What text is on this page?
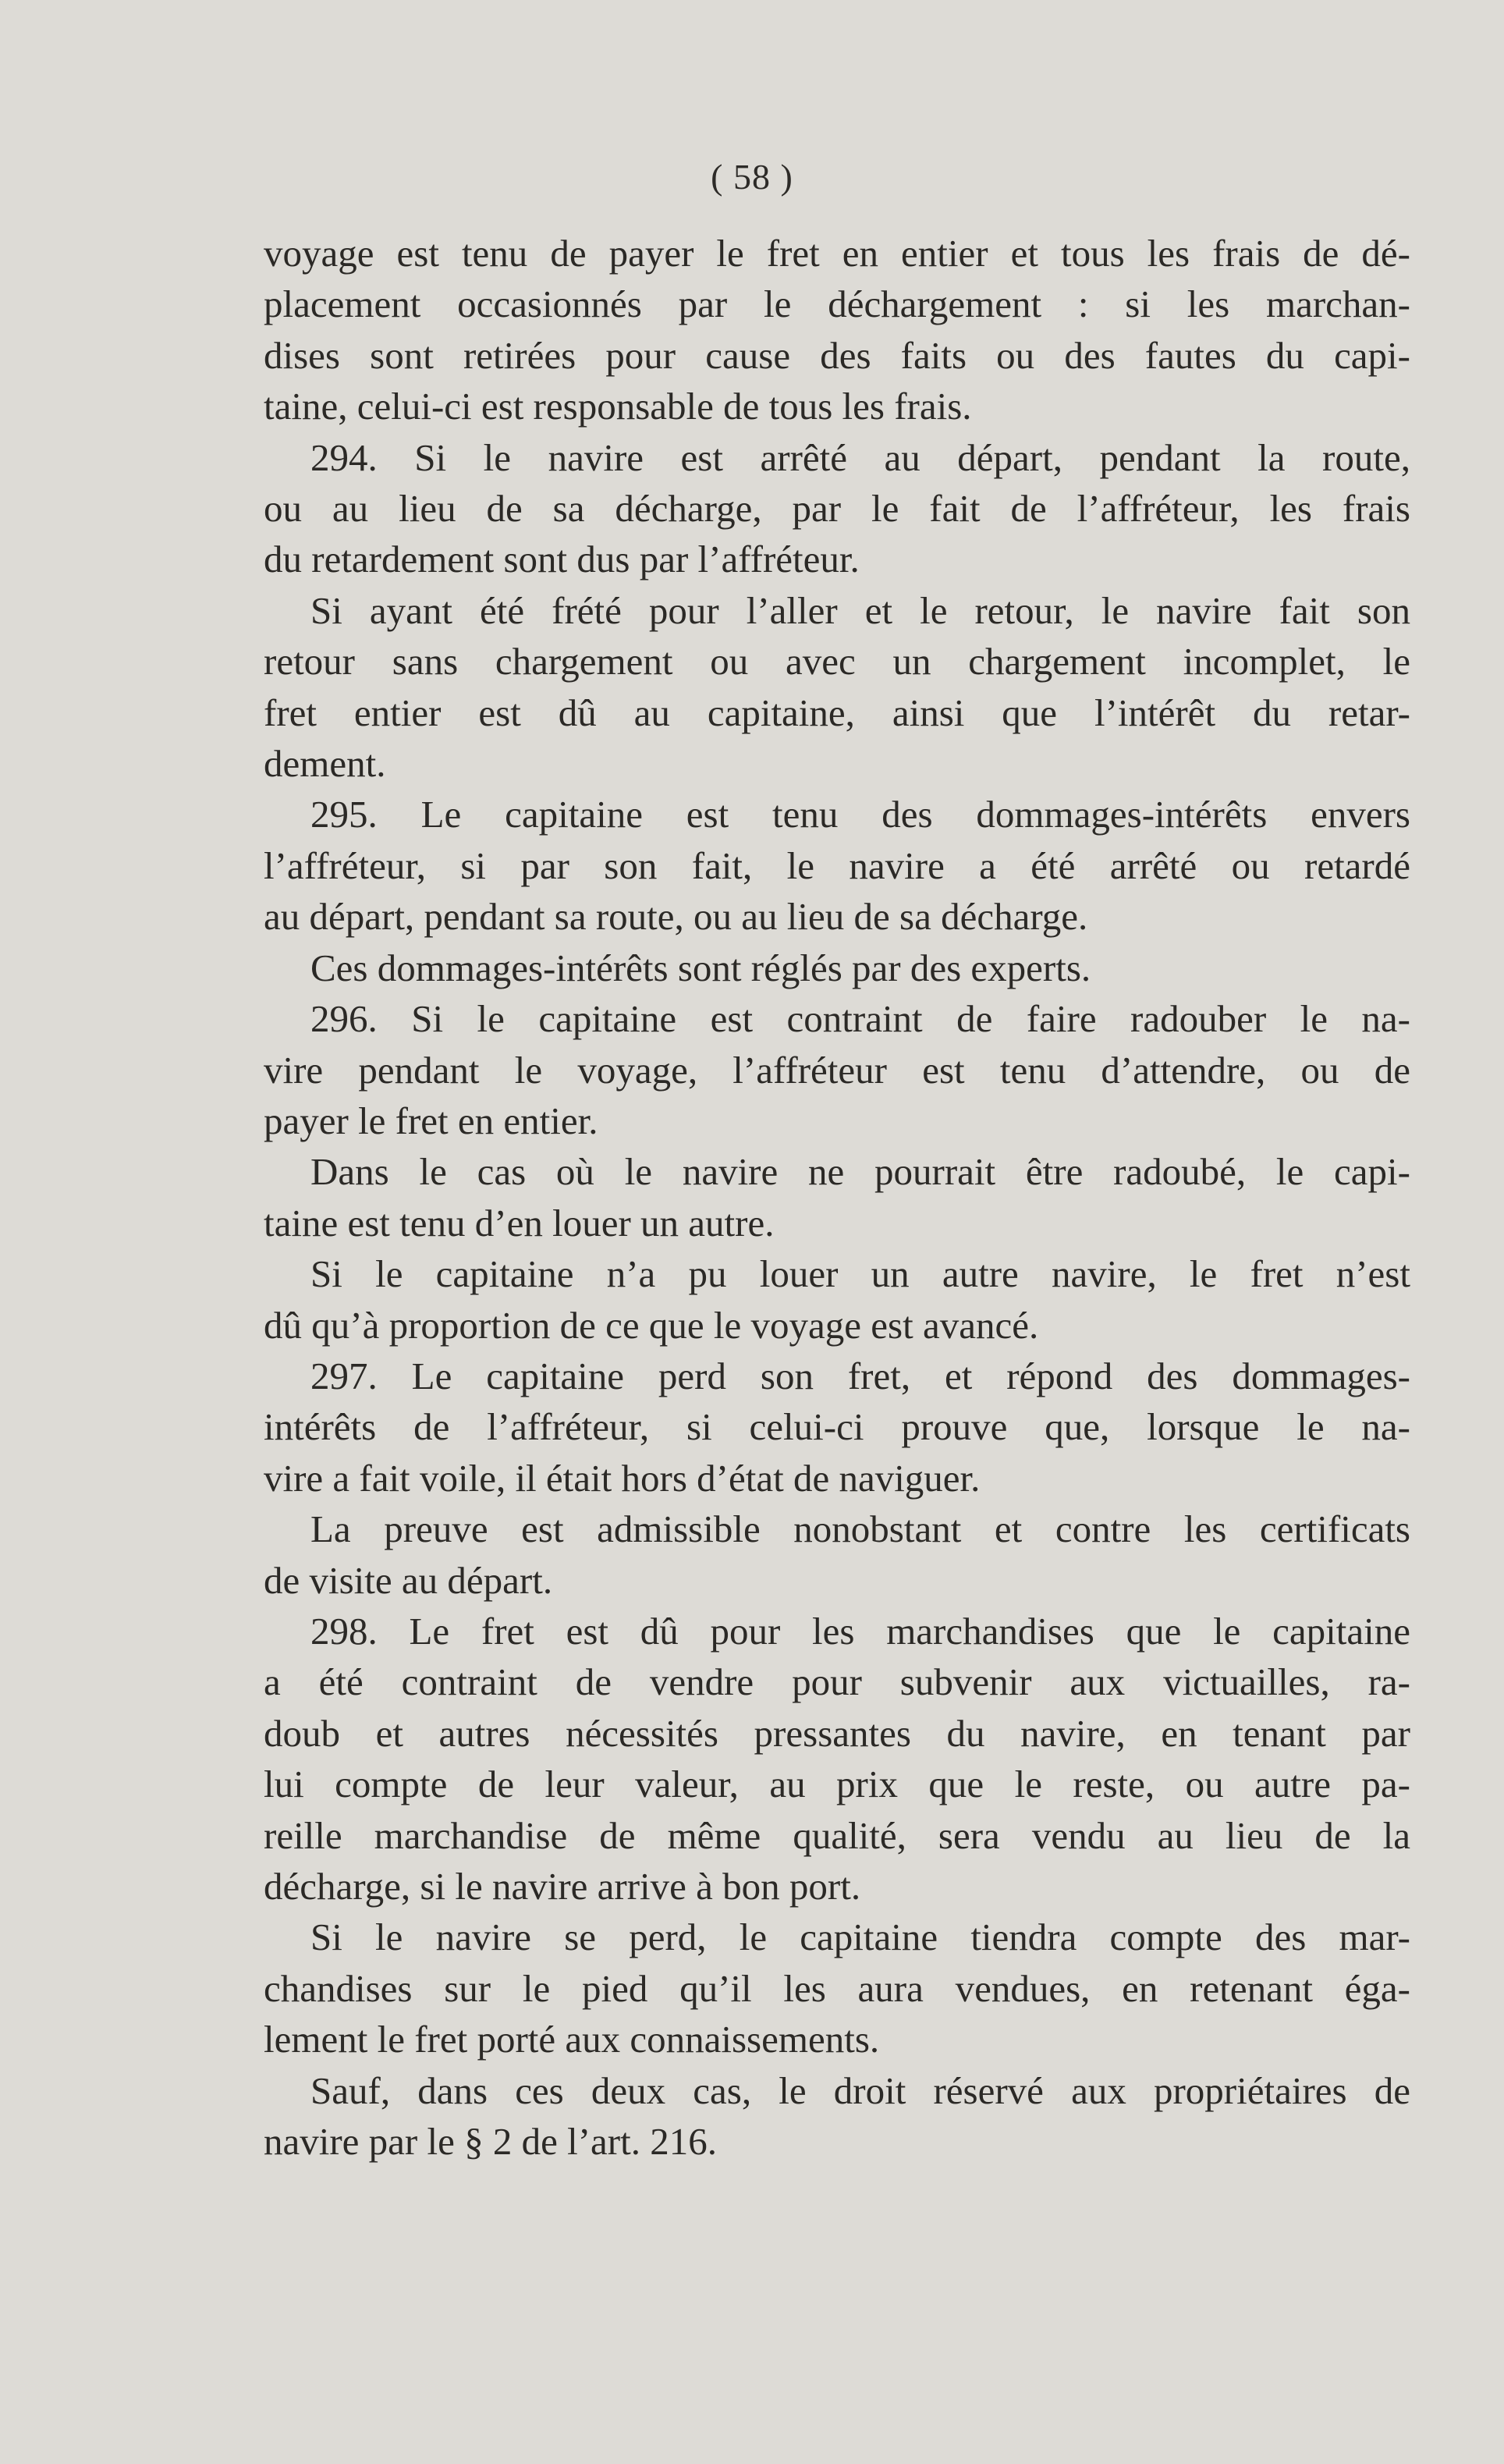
( 58 )

voyage est tenu de payer le fret en entier et tous les frais de dé-
placement occasionnés par le déchargement : si les marchan-
dises sont retirées pour cause des faits ou des fautes du capi-
taine, celui-ci est responsable de tous les frais.

294. Si le navire est arrêté au départ, pendant la route,
ou au lieu de sa décharge, par le fait de l’affréteur, les frais
du retardement sont dus par l’affréteur.

Si ayant été frété pour l’aller et le retour, le navire fait son
retour sans chargement ou avec un chargement incomplet, le
fret entier est dû au capitaine, ainsi que l’intérêt du retar-
dement.

295. Le capitaine est tenu des dommages-intérêts envers
l’affréteur, si par son fait, le navire a été arrêté ou retardé
au départ, pendant sa route, ou au lieu de sa décharge.

Ces dommages-intérêts sont réglés par des experts.

296. Si le capitaine est contraint de faire radouber le na-
vire pendant le voyage, l’affréteur est tenu d’attendre, ou de
payer le fret en entier.

Dans le cas où le navire ne pourrait être radoubé, le capi-
taine est tenu d’en louer un autre.

Si le capitaine n’a pu louer un autre navire, le fret n’est
dû qu’à proportion de ce que le voyage est avancé.

297. Le capitaine perd son fret, et répond des dommages-
intérêts de l’affréteur, si celui-ci prouve que, lorsque le na-
vire a fait voile, il était hors d’état de naviguer.

La preuve est admissible nonobstant et contre les certificats
de visite au départ.

298. Le fret est dû pour les marchandises que le capitaine
a été contraint de vendre pour subvenir aux victuailles, ra-
doub et autres nécessités pressantes du navire, en tenant par
lui compte de leur valeur, au prix que le reste, ou autre pa-
reille marchandise de même qualité, sera vendu au lieu de la
décharge, si le navire arrive à bon port.

Si le navire se perd, le capitaine tiendra compte des mar-
chandises sur le pied qu’il les aura vendues, en retenant éga-
lement le fret porté aux connaissements.

Sauf, dans ces deux cas, le droit réservé aux propriétaires de
navire par le § 2 de l’art. 216.
